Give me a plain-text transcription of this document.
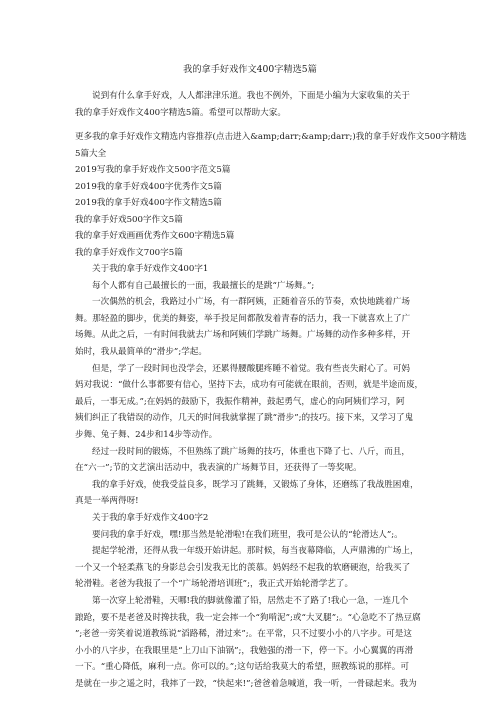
我的拿手好戏作文400字精选5篇
说到有什么拿手好戏，人人都津津乐道。我也不例外，下面是小编为大家收集的关于
我的拿手好戏作文400字精选5篇。希望可以帮助大家。
更多我的拿手好戏作文精选内容推荐(点击进入&amp;darr;&amp;darr;)我的拿手好戏作文500字精选
5篇大全
2019写我的拿手好戏作文500字范文5篇
2019我的拿手好戏400字优秀作文5篇
2019我的拿手好戏400字作文精选5篇
我的拿手好戏500字作文5篇
我的拿手好戏画画优秀作文600字精选5篇
我的拿手好戏作文700字5篇
关于我的拿手好戏作文400字1
每个人都有自己最擅长的一面，我最擅长的是跳“广场舞。”;
一次偶然的机会，我路过小广场，有一群阿姨，正随着音乐的节奏，欢快地跳着广场
舞。那轻盈的脚步，优美的舞姿，举手投足间都散发着青春的活力，我一下就喜欢上了广
场舞。从此之后，一有时间我就去广场和阿姨们学跳广场舞。广场舞的动作多种多样，开
始时，我从最简单的“滑步”;学起。
但是，学了一段时间也没学会，还累得腰酸腿疼睡不着觉。我有些丧失耐心了。可妈
妈对我说：“做什么事都要有信心，坚持下去，成功有可能就在眼前，否则，就是半途而废，
最后，一事无成。”;在妈妈的鼓励下，我振作精神，鼓起勇气，虚心的向阿姨们学习，阿
姨们纠正了我错误的动作，几天的时间我就掌握了跳“滑步”;的技巧。接下来，又学习了鬼
步舞、兔子舞、24步和14步等动作。
经过一段时间的锻炼，不但熟练了跳广场舞的技巧，体重也下降了七、八斤，而且，
在“六一”;节的文艺演出活动中，我表演的广场舞节目，还获得了一等奖呢。
我的拿手好戏，使我受益良多，既学习了跳舞，又锻炼了身体，还磨练了我战胜困难，
真是一举两得呀!
关于我的拿手好戏作文400字2
要问我的拿手好戏，嘿!那当然是轮滑啦!在我们班里，我可是公认的“轮滑达人”;。
提起学轮滑，还得从我一年级开始讲起。那时候，每当夜幕降临，人声鼎沸的广场上，
一个又一个轻柔燕飞的身影总会引发我无比的羡慕。妈妈经不起我的软磨硬泡，给我买了
轮滑鞋。老爸为我报了一个“广场轮滑培训班”;，我正式开始轮滑学艺了。
第一次穿上轮滑鞋，天哪!我的脚就像灌了铅，居然走不了路了!我心一急，一连几个
踉跄，要不是老爸及时搀扶我，我一定会摔一个“狗啃泥”;或“大叉腿”;。“心急吃不了热豆腐
”;老爸一旁笑着说道教练说“滔路稀，滑过来”;。在平常，只不过要小小的八字步。可是这
小小的八字步，在我眼里是“上刀山下油锅”;，我勉强的滑一下，停一下。小心翼翼的再滑
一下。“重心降低，麻利一点。你可以的。”;这句话给我莫大的希望，照教练说的那样。可
是就在一步之遥之时，我摔了一跤，“快起来!”;爸爸着急喊道，我一听，一骨碌起来。我为
